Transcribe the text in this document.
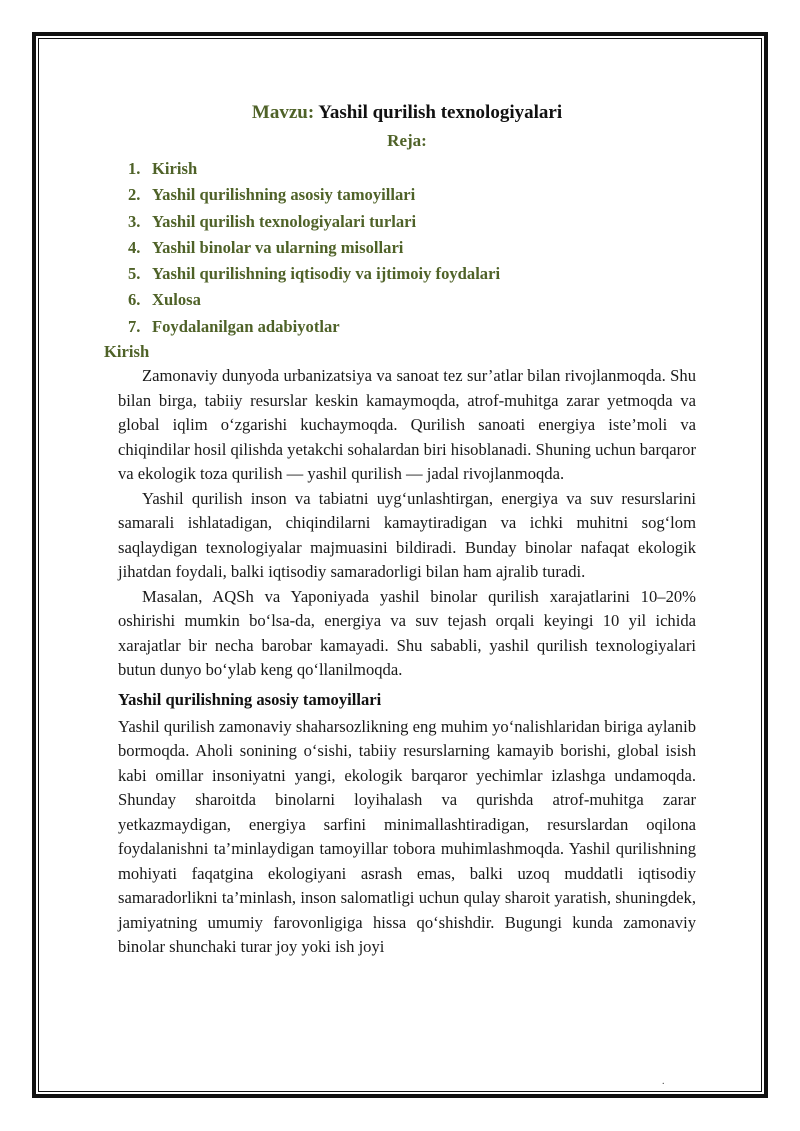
Mavzu: Yashil qurilish texnologiyalari
Reja:
1. Kirish
2. Yashil qurilishning asosiy tamoyillari
3. Yashil qurilish texnologiyalari turlari
4. Yashil binolar va ularning misollari
5. Yashil qurilishning iqtisodiy va ijtimoiy foydalari
6. Xulosa
7. Foydalanilgan adabiyotlar
Kirish

Zamonaviy dunyoda urbanizatsiya va sanoat tez sur’atlar bilan rivojlanmoqda. Shu bilan birga, tabiiy resurslar keskin kamaymoqda, atrof-muhitga zarar yetmoqda va global iqlim o‘zgarishi kuchaymoqda. Qurilish sanoati energiya iste’moli va chiqindilar hosil qilishda yetakchi sohalardan biri hisoblanadi. Shuning uchun barqaror va ekologik toza qurilish — yashil qurilish — jadal rivojlanmoqda.

Yashil qurilish inson va tabiatni uyg‘unlashtirgan, energiya va suv resurslarini samarali ishlatadigan, chiqindilarni kamaytiradigan va ichki muhitni sog‘lom saqlaydigan texnologiyalar majmuasini bildiradi. Bunday binolar nafaqat ekologik jihatdan foydali, balki iqtisodiy samaradorligi bilan ham ajralib turadi.

Masalan, AQSh va Yaponiyada yashil binolar qurilish xarajatlarini 10–20% oshirishi mumkin bo‘lsa-da, energiya va suv tejash orqali keyingi 10 yil ichida xarajatlar bir necha barobar kamayadi. Shu sababli, yashil qurilish texnologiyalari butun dunyo bo‘ylab keng qo‘llanilmoqda.

Yashil qurilishning asosiy tamoyillari

Yashil qurilish zamonaviy shaharsozlikning eng muhim yo‘nalishlaridan biriga aylanib bormoqda. Aholi sonining o‘sishi, tabiiy resurslarning kamayib borishi, global isish kabi omillar insoniyatni yangi, ekologik barqaror yechimlar izlashga undamoqda. Shunday sharoitda binolarni loyihalash va qurishda atrof-muhitga zarar yetkazmaydigan, energiya sarfini minimallashtiradigan, resurslardan oqilona foydalanishni ta’minlaydigan tamoyillar tobora muhimlashmoqda. Yashil qurilishning mohiyati faqatgina ekologiyani asrash emas, balki uzoq muddatli iqtisodiy samaradorlikni ta’minlash, inson salomatligi uchun qulay sharoit yaratish, shuningdek, jamiyatning umumiy farovonligiga hissa qo‘shishdir. Bugungi kunda zamonaviy binolar shunchaki turar joy yoki ish joyi

.
